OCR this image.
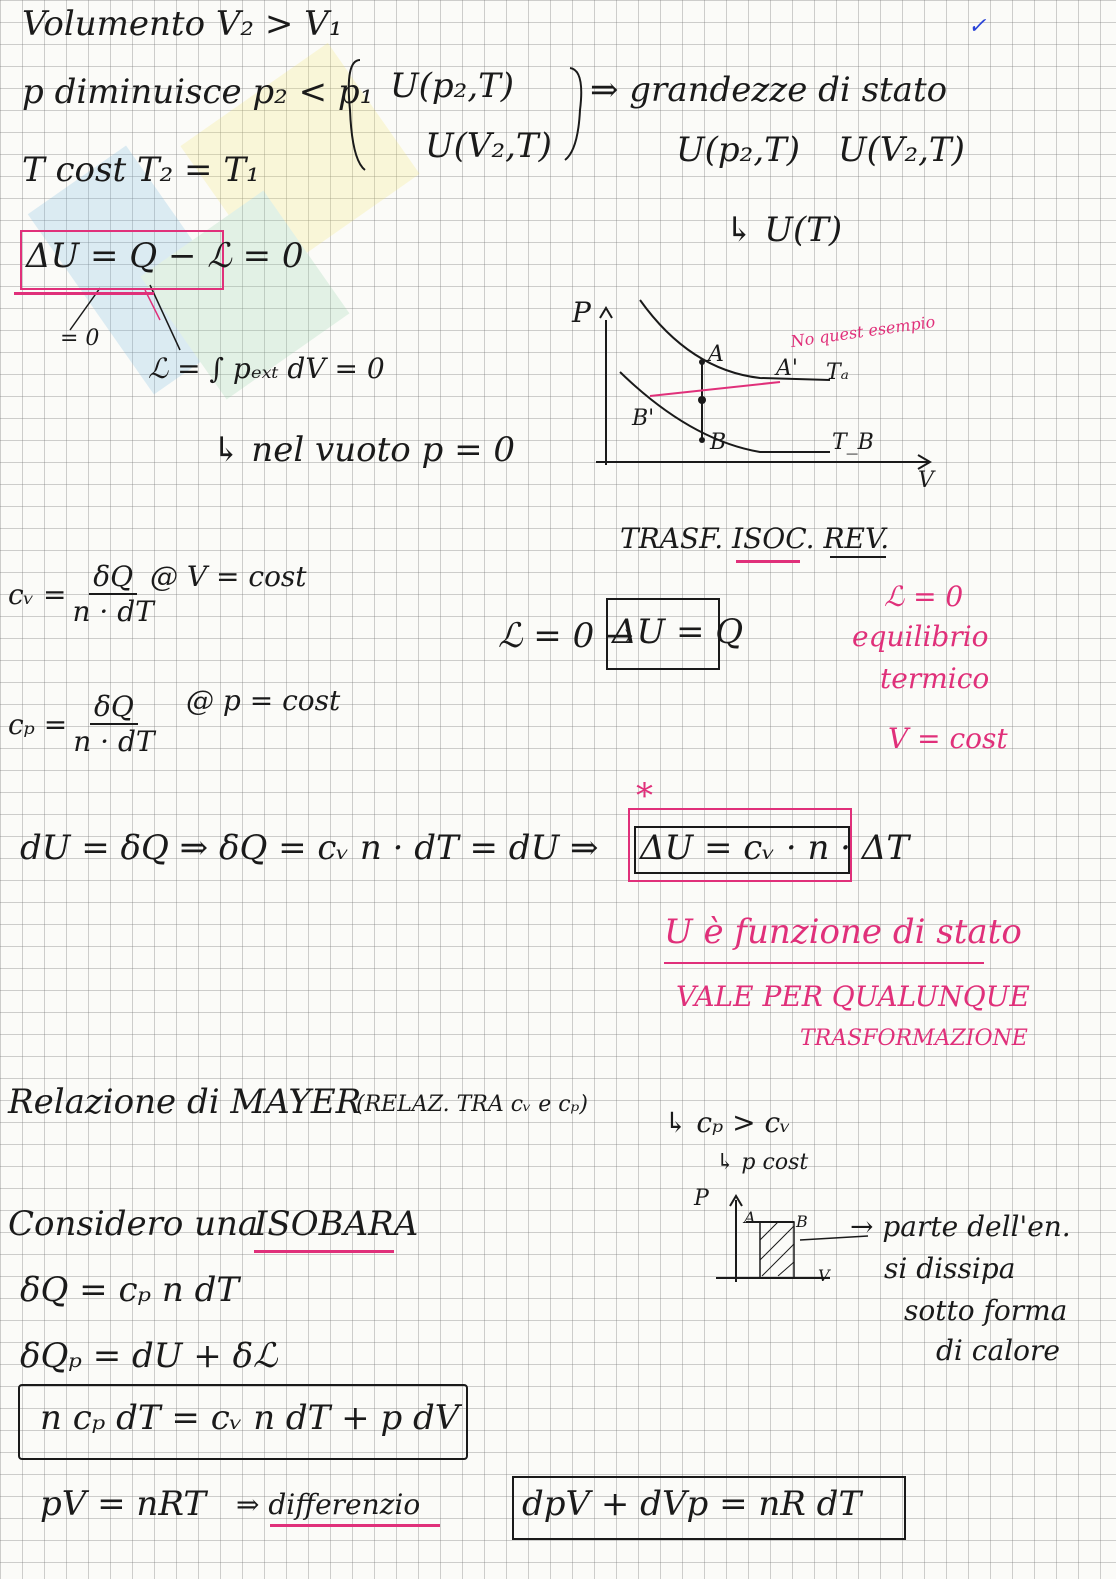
Volumento V₂ > V₁
p diminuisce p₂ < p₁
T cost T₂ = T₁
U(p₂,T)
U(V₂,T)
⇒ grandezze di stato
U(p₂,T) U(V₂,T)
↳ U(T)
✓
ΔU = Q − ℒ = 0
= 0
ℒ = ∫ pₑₓₜ dV = 0
↳ nel vuoto p = 0
P
V
A
A'
B
B'
Tₐ
T_B
No quest esempio
TRASF. ISOC. REV.
cᵥ = $\frac{\delta Q}{n \cdot dT}$
@ V = cost
$c_p = \frac{\delta Q}{n \cdot dT}$ @ p = cost
ℒ = 0 →
ΔU = Q
ℒ = 0
equilibrio
termico
V = cost
dU = δQ ⇒ δQ = cᵥ n · dT = dU ⇒ ΔU = cᵥ · n · ΔT
*
U è funzione di stato
VALE PER QUALUNQUE
TRASFORMAZIONE
Relazione di MAYER
(RELAZ. TRA cᵥ e cₚ)
↳ cₚ > cᵥ
↳ p cost
Considero una
ISOBARA
P
A	B
V
→ parte dell'en.
si dissipa
sotto forma
di calore
δQ = cₚ n dT
δQₚ = dU + δℒ
n cₚ dT = cᵥ n dT + p dV
pV = nRT ⇒ differenzio	dpV + dVp = nR dT
